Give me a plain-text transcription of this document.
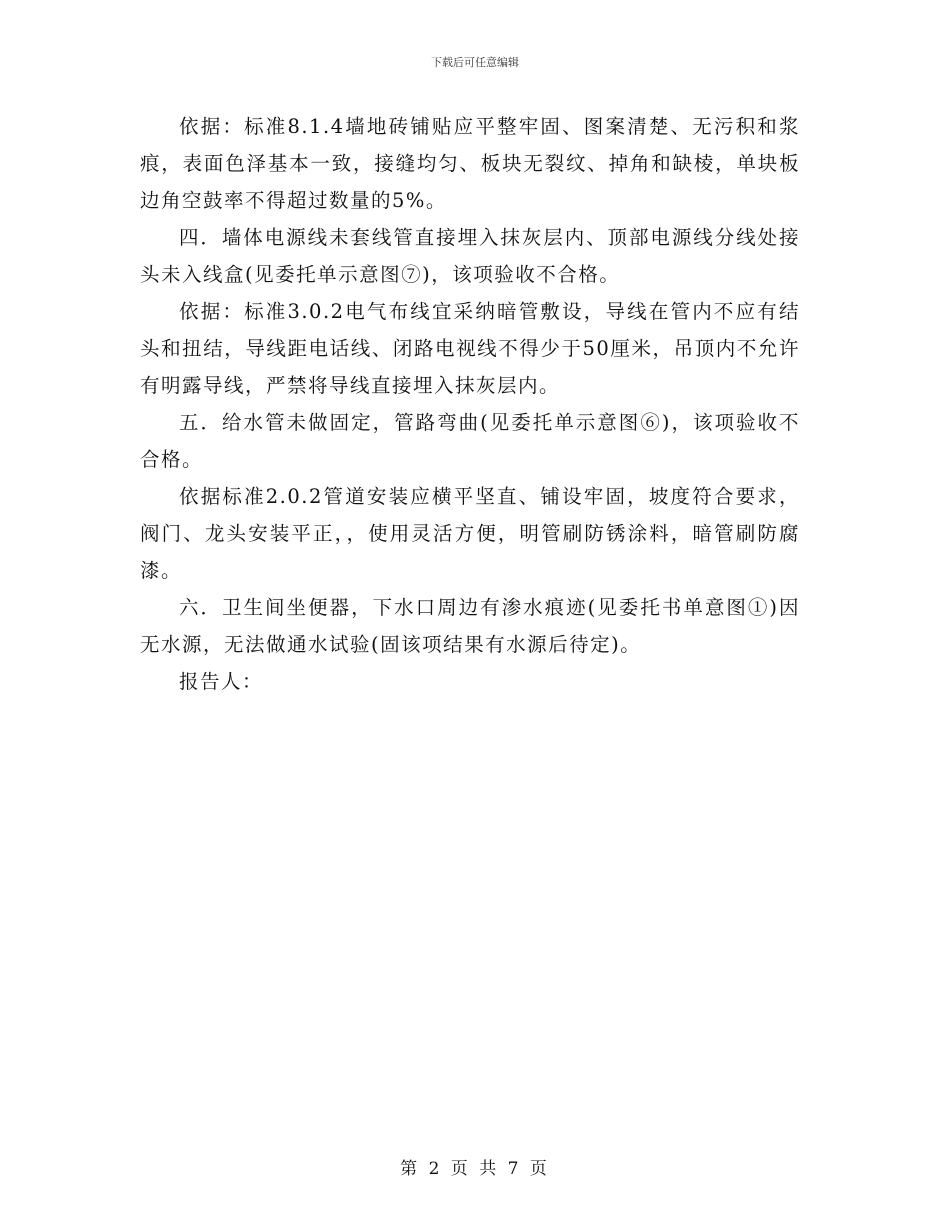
下载后可任意编辑

依据：标准8.1.4墙地砖铺贴应平整牢固、图案清楚、无污积和浆痕，表面色泽基本一致，接缝均匀、板块无裂纹、掉角和缺棱，单块板边角空鼓率不得超过数量的5%。

四．墙体电源线未套线管直接埋入抹灰层内、顶部电源线分线处接头未入线盒(见委托单示意图⑦)，该项验收不合格。

依据：标准3.0.2电气布线宜采纳暗管敷设，导线在管内不应有结头和扭结，导线距电话线、闭路电视线不得少于50厘米，吊顶内不允许有明露导线，严禁将导线直接埋入抹灰层内。

五．给水管未做固定，管路弯曲(见委托单示意图⑥)，该项验收不合格。

依据标准2.0.2管道安装应横平坚直、铺设牢固，坡度符合要求，阀门、龙头安装平正，，使用灵活方便，明管刷防锈涂料，暗管刷防腐漆。

六．卫生间坐便器，下水口周边有渗水痕迹(见委托书单意图①)因无水源，无法做通水试验(固该项结果有水源后待定)。

报告人：

第 2 页 共 7 页
